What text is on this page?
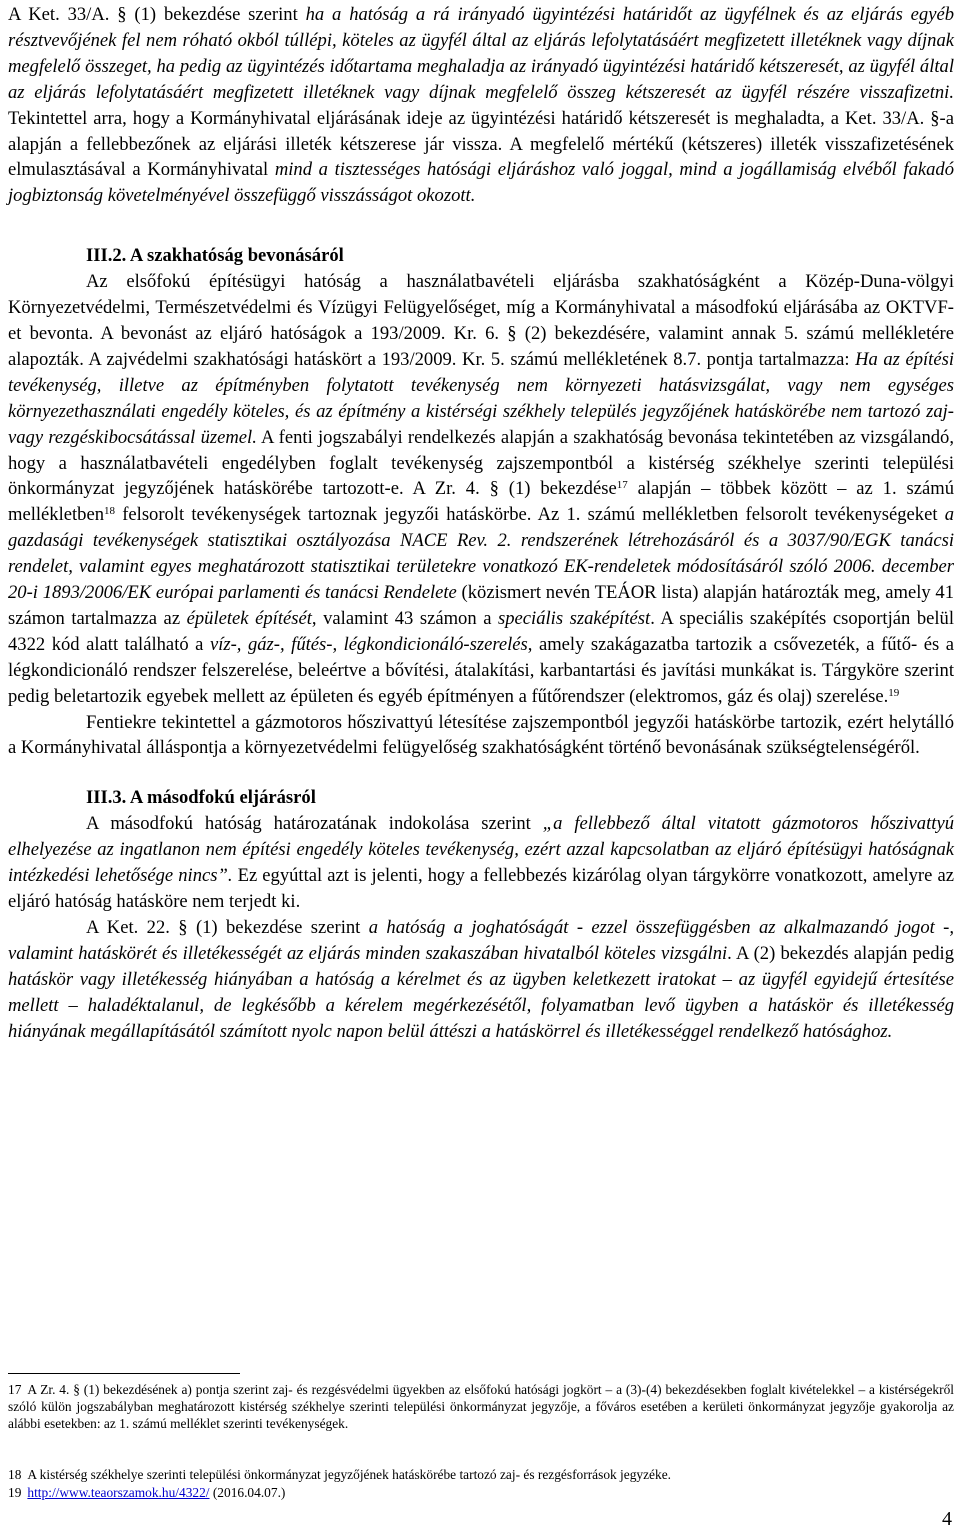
A Ket. 33/A. § (1) bekezdése szerint ha a hatóság a rá irányadó ügyintézési határidőt az ügyfélnek és az eljárás egyéb résztvevőjének fel nem róható okból túllépi, köteles az ügyfél által az eljárás lefolytatásáért megfizetett illetéknek vagy díjnak megfelelő összeget, ha pedig az ügyintézés időtartama meghaladja az irányadó ügyintézési határidő kétszeresét, az ügyfél által az eljárás lefolytatásáért megfizetett illetéknek vagy díjnak megfelelő összeg kétszeresét az ügyfél részére visszafizetni. Tekintettel arra, hogy a Kormányhivatal eljárásának ideje az ügyintézési határidő kétszeresét is meghaladta, a Ket. 33/A. §-a alapján a fellebbezőnek az eljárási illeték kétszerese jár vissza. A megfelelő mértékű (kétszeres) illeték visszafizetésének elmulasztásával a Kormányhivatal mind a tisztességes hatósági eljáráshoz való joggal, mind a jogállamiság elvéből fakadó jogbiztonság követelményével összefüggő visszásságot okozott.

III.2. A szakhatóság bevonásáról

Az elsőfokú építésügyi hatóság a használatbavételi eljárásba szakhatóságként a Közép-Duna-völgyi Környezetvédelmi, Természetvédelmi és Vízügyi Felügyelőséget, míg a Kormányhivatal a másodfokú eljárásába az OKTVF-et bevonta. A bevonást az eljáró hatóságok a 193/2009. Kr. 6. § (2) bekezdésére, valamint annak 5. számú mellékletére alapozták. A zajvédelmi szakhatósági hatáskört a 193/2009. Kr. 5. számú mellékletének 8.7. pontja tartalmazza: Ha az építési tevékenység, illetve az építményben folytatott tevékenység nem környezeti hatásvizsgálat, vagy nem egységes környezethasználati engedély köteles, és az építmény a kistérségi székhely település jegyzőjének hatáskörébe nem tartozó zaj- vagy rezgéskibocsátással üzemel. A fenti jogszabályi rendelkezés alapján a szakhatóság bevonása tekintetében az vizsgálandó, hogy a használatbavételi engedélyben foglalt tevékenység zajszempontból a kistérség székhelye szerinti települési önkormányzat jegyzőjének hatáskörébe tartozott-e. A Zr. 4. § (1) bekezdése$^{17}$ alapján – többek között – az 1. számú mellékletben$^{18}$ felsorolt tevékenységek tartoznak jegyzői hatáskörbe. Az 1. számú mellékletben felsorolt tevékenységeket a gazdasági tevékenységek statisztikai osztályozása NACE Rev. 2. rendszerének létrehozásáról és a 3037/90/EGK tanácsi rendelet, valamint egyes meghatározott statisztikai területekre vonatkozó EK-rendeletek módosításáról szóló 2006. december 20-i 1893/2006/EK európai parlamenti és tanácsi Rendelete (közismert nevén TEÁOR lista) alapján határozták meg, amely 41 számon tartalmazza az épületek építését, valamint 43 számon a speciális szaképítést. A speciális szaképítés csoportján belül 4322 kód alatt található a víz-, gáz-, fűtés-, légkondicionáló-szerelés, amely szakágazatba tartozik a csővezeték, a fűtő- és a légkondicionáló rendszer felszerelése, beleértve a bővítési, átalakítási, karbantartási és javítási munkákat is. Tárgyköre szerint pedig beletartozik egyebek mellett az épületen és egyéb építményen a fűtőrendszer (elektromos, gáz és olaj) szerelése.$^{19}$

Fentiekre tekintettel a gázmotoros hőszivattyú létesítése zajszempontból jegyzői hatáskörbe tartozik, ezért helytálló a Kormányhivatal álláspontja a környezetvédelmi felügyelőség szakhatóságként történő bevonásának szükségtelenségéről.

III.3. A másodfokú eljárásról

A másodfokú hatóság határozatának indokolása szerint „a fellebbező által vitatott gázmotoros hőszivattyú elhelyezése az ingatlanon nem építési engedély köteles tevékenység, ezért azzal kapcsolatban az eljáró építésügyi hatóságnak intézkedési lehetősége nincs”. Ez egyúttal azt is jelenti, hogy a fellebbezés kizárólag olyan tárgykörre vonatkozott, amelyre az eljáró hatóság hatásköre nem terjedt ki.

A Ket. 22. § (1) bekezdése szerint a hatóság a joghatóságát - ezzel összefüggésben az alkalmazandó jogot -, valamint hatáskörét és illetékességét az eljárás minden szakaszában hivatalból köteles vizsgálni. A (2) bekezdés alapján pedig hatáskör vagy illetékesség hiányában a hatóság a kérelmet és az ügyben keletkezett iratokat – az ügyfél egyidejű értesítése mellett – haladéktalanul, de legkésőbb a kérelem megérkezésétől, folyamatban levő ügyben a hatáskör és illetékesség hiányának megállapításától számított nyolc napon belül áttészi a hatáskörrel és illetékességgel rendelkező hatósághoz.

17 A Zr. 4. § (1) bekezdésének a) pontja szerint zaj- és rezgésvédelmi ügyekben az elsőfokú hatósági jogkört – a (3)-(4) bekezdésekben foglalt kivételekkel – a kistérségekről szóló külön jogszabályban meghatározott kistérség székhelye szerinti települési önkormányzat jegyzője, a főváros esetében a kerületi önkormányzat jegyzője gyakorolja az alábbi esetekben: az 1. számú melléklet szerinti tevékenységek.
18 A kistérség székhelye szerinti települési önkormányzat jegyzőjének hatáskörébe tartozó zaj- és rezgésforrások jegyzéke.
19 http://www.teaorszamok.hu/4322/ (2016.04.07.)
4
